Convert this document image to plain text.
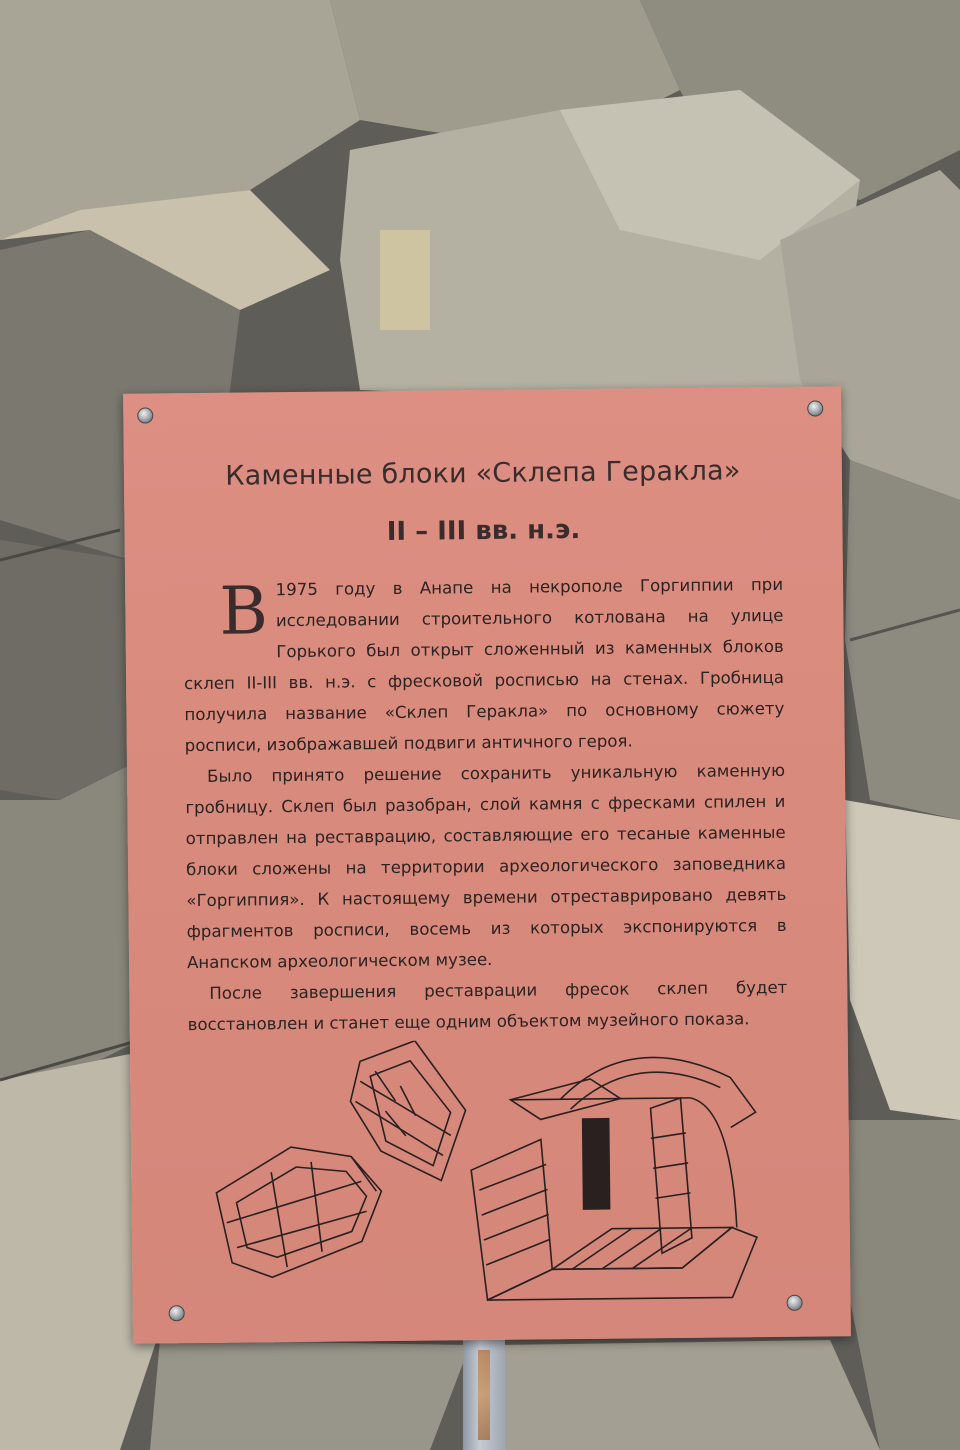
Каменные блоки «Склепа Геракла»
II – III вв. н.э.
В 1975 году в Анапе на некрополе Горгиппии при исследовании строительного котлована на улице Горького был открыт сложенный из каменных блоков склеп II-III вв. н.э. с фресковой росписью на стенах. Гробница получила название «Склеп Геракла» по основному сюжету росписи, изображавшей подвиги античного героя.

Было принято решение сохранить уникальную каменную гробницу. Склеп был разобран, слой камня с фресками спилен и отправлен на реставрацию, составляющие его тесаные каменные блоки сложены на территории археологического заповедника «Горгиппия». К настоящему времени отреставрировано девять фрагментов росписи, восемь из которых экспонируются в Анапском археологическом музее.

После завершения реставрации фресок склеп будет восстановлен и станет еще одним объектом музейного показа.
